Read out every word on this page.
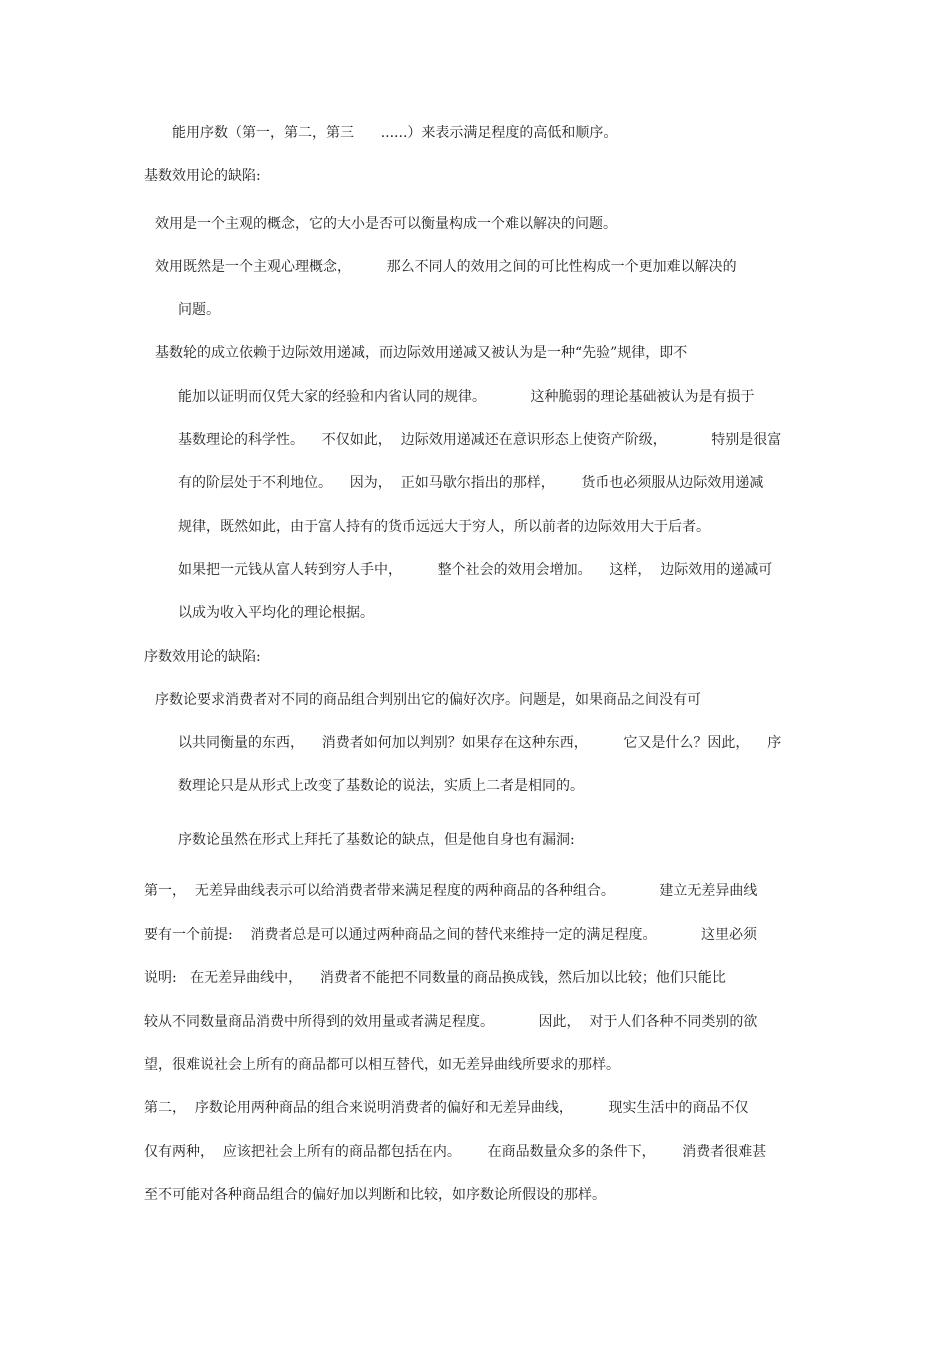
能用序数（第一，第二，第三      ......）来表示满足程度的高低和顺序。
基数效用论的缺陷:
效用是一个主观的概念，它的大小是否可以衡量构成一个难以解决的问题。
效用既然是一个主观心理概念，        那么不同人的效用之间的可比性构成一个更加难以解决的
问题。
基数轮的成立依赖于边际效用递减，而边际效用递减又被认为是一种“先验”规律，即不
能加以证明而仅凭大家的经验和内省认同的规律。          这种脆弱的理论基础被认为是有损于
基数理论的科学性。    不仅如此，  边际效用递减还在意识形态上使资产阶级，          特别是很富
有的阶层处于不利地位。    因为，  正如马歇尔指出的那样，      货币也必须服从边际效用递减
规律，既然如此，由于富人持有的货币远远大于穷人，所以前者的边际效用大于后者。
如果把一元钱从富人转到穷人手中，        整个社会的效用会增加。    这样，  边际效用的递减可
以成为收入平均化的理论根据。
序数效用论的缺陷:
序数论要求消费者对不同的商品组合判别出它的偏好次序。问题是，如果商品之间没有可
以共同衡量的东西，    消费者如何加以判别？如果存在这种东西，        它又是什么？因此，    序
数理论只是从形式上改变了基数论的说法，实质上二者是相同的。
序数论虽然在形式上拜托了基数论的缺点，但是他自身也有漏洞:
第一，  无差异曲线表示可以给消费者带来满足程度的两种商品的各种组合。          建立无差异曲线
要有一个前提:    消费者总是可以通过两种商品之间的替代来维持一定的满足程度。          这里必须
说明:   在无差异曲线中，    消费者不能把不同数量的商品换成钱，然后加以比较；他们只能比
较从不同数量商品消费中所得到的效用量或者满足程度。          因此，  对于人们各种不同类别的欲
望，很难说社会上所有的商品都可以相互替代，如无差异曲线所要求的那样。
第二，  序数论用两种商品的组合来说明消费者的偏好和无差异曲线，        现实生活中的商品不仅
仅有两种，  应该把社会上所有的商品都包括在内。      在商品数量众多的条件下，      消费者很难甚
至不可能对各种商品组合的偏好加以判断和比较，如序数论所假设的那样。
